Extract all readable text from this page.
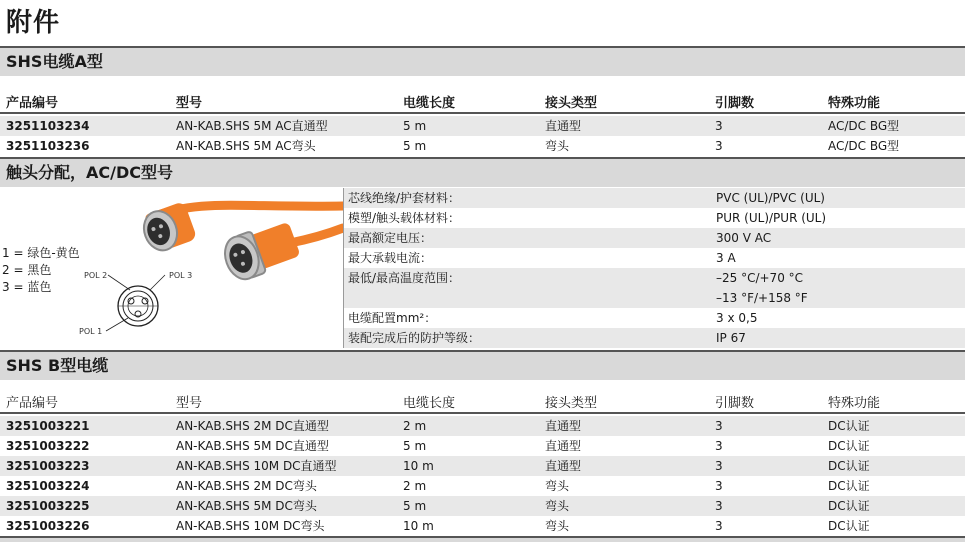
附件
SHS电缆A型
产品编号	型号	电缆长度	接头类型	引脚数	特殊功能
3251103234	AN-KAB.SHS 5M AC直通型	5 m	直通型	3	AC/DC BG型
3251103236	AN-KAB.SHS 5M AC弯头	5 m	弯头	3	AC/DC BG型
触头分配，AC/DC型号
1 = 绿色-黄色
2 = 黑色
3 = 蓝色
POL 2	POL 3
POL 1
芯线绝缘/护套材料：	PVC (UL)/PVC (UL)
模塑/触头载体材料：	PUR (UL)/PUR (UL)
最高额定电压：	300 V AC
最大承载电流：	3 A
最低/最高温度范围：	–25 °C/+70 °C
–13 °F/+158 °F
电缆配置mm²：	3 x 0,5
装配完成后的防护等级：	IP 67
SHS B型电缆
产品编号	型号	电缆长度	接头类型	引脚数	特殊功能
3251003221	AN-KAB.SHS 2M DC直通型	2 m	直通型	3	DC认证
3251003222	AN-KAB.SHS 5M DC直通型	5 m	直通型	3	DC认证
3251003223	AN-KAB.SHS 10M DC直通型	10 m	直通型	3	DC认证
3251003224	AN-KAB.SHS 2M DC弯头	2 m	弯头	3	DC认证
3251003225	AN-KAB.SHS 5M DC弯头	5 m	弯头	3	DC认证
3251003226	AN-KAB.SHS 10M DC弯头	10 m	弯头	3	DC认证
